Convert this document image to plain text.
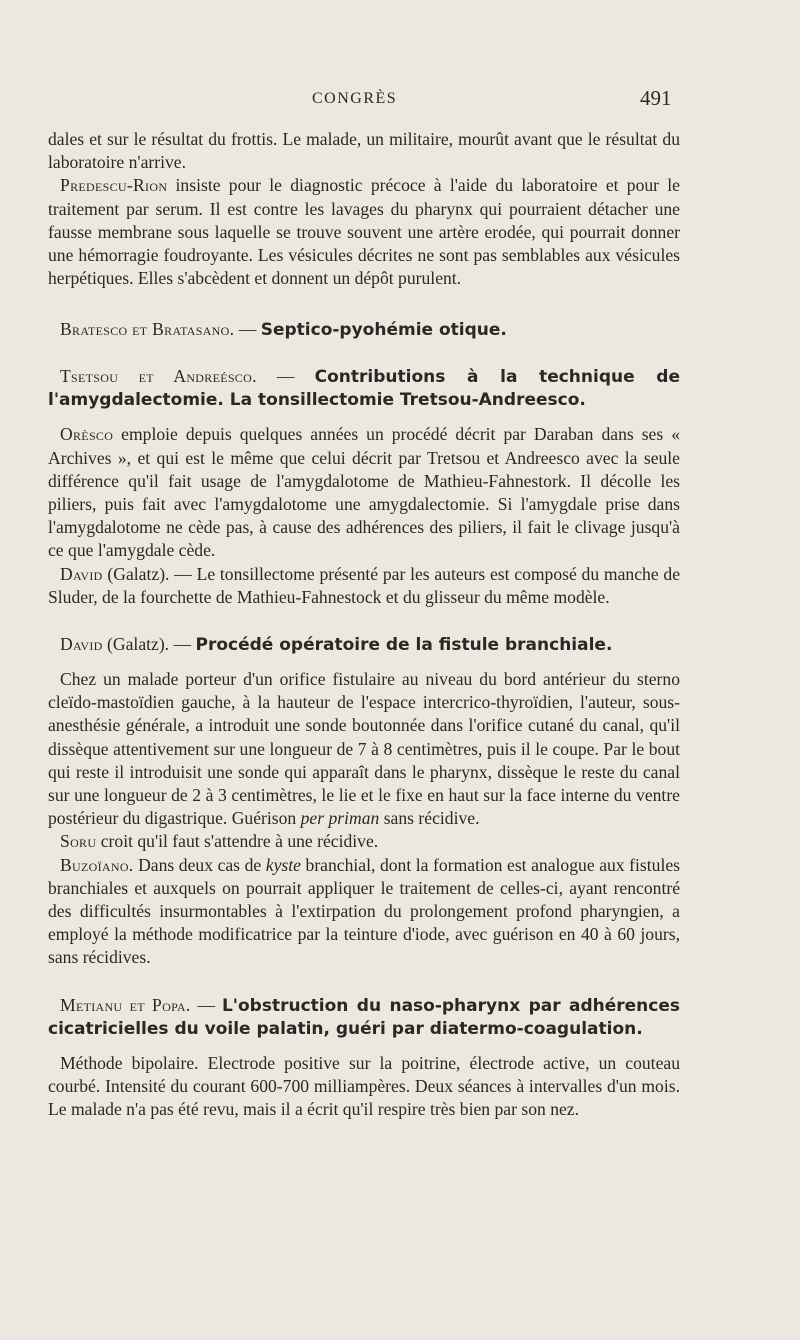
CONGRÈS	491

dales et sur le résultat du frottis. Le malade, un militaire, mourût avant que le résultat du laboratoire n'arrive.

Predescu-Rion insiste pour le diagnostic précoce à l'aide du laboratoire et pour le traitement par serum. Il est contre les lavages du pharynx qui pourraient détacher une fausse membrane sous laquelle se trouve souvent une artère erodée, qui pourrait donner une hémorragie foudroyante. Les vésicules décrites ne sont pas semblables aux vésicules herpétiques. Elles s'abcèdent et donnent un dépôt purulent.

Bratesco et Bratasano. — Septico-pyohémie otique.

Tsetsou et Andreésco. — Contributions à la technique de l'amygdalectomie. La tonsillectomie Tretsou-Andreesco.

Orèsco emploie depuis quelques années un procédé décrit par Daraban dans ses « Archives », et qui est le même que celui décrit par Tretsou et Andreesco avec la seule différence qu'il fait usage de l'amygdalotome de Mathieu-Fahnestork. Il décolle les piliers, puis fait avec l'amygdalotome une amygdalectomie. Si l'amygdale prise dans l'amygdalotome ne cède pas, à cause des adhérences des piliers, il fait le clivage jusqu'à ce que l'amygdale cède.

David (Galatz). — Le tonsillectome présenté par les auteurs est composé du manche de Sluder, de la fourchette de Mathieu-Fahnestock et du glisseur du même modèle.

David (Galatz). — Procédé opératoire de la fistule branchiale.

Chez un malade porteur d'un orifice fistulaire au niveau du bord antérieur du sterno cleïdo-mastoïdien gauche, à la hauteur de l'espace intercrico-thyroïdien, l'auteur, sous-anesthésie générale, a introduit une sonde boutonnée dans l'orifice cutané du canal, qu'il dissèque attentivement sur une longueur de 7 à 8 centimètres, puis il le coupe. Par le bout qui reste il introduisit une sonde qui apparaît dans le pharynx, dissèque le reste du canal sur une longueur de 2 à 3 centimètres, le lie et le fixe en haut sur la face interne du ventre postérieur du digastrique. Guérison per priman sans récidive.

Soru croit qu'il faut s'attendre à une récidive.

Buzoïano. Dans deux cas de kyste branchial, dont la formation est analogue aux fistules branchiales et auxquels on pourrait appliquer le traitement de celles-ci, ayant rencontré des difficultés insurmontables à l'extirpation du prolongement profond pharyngien, a employé la méthode modificatrice par la teinture d'iode, avec guérison en 40 à 60 jours, sans récidives.

Metianu et Popa. — L'obstruction du naso-pharynx par adhérences cicatricielles du voile palatin, guéri par diatermo-coagulation.

Méthode bipolaire. Electrode positive sur la poitrine, électrode active, un couteau courbé. Intensité du courant 600-700 milliampères. Deux séances à intervalles d'un mois. Le malade n'a pas été revu, mais il a écrit qu'il respire très bien par son nez.
